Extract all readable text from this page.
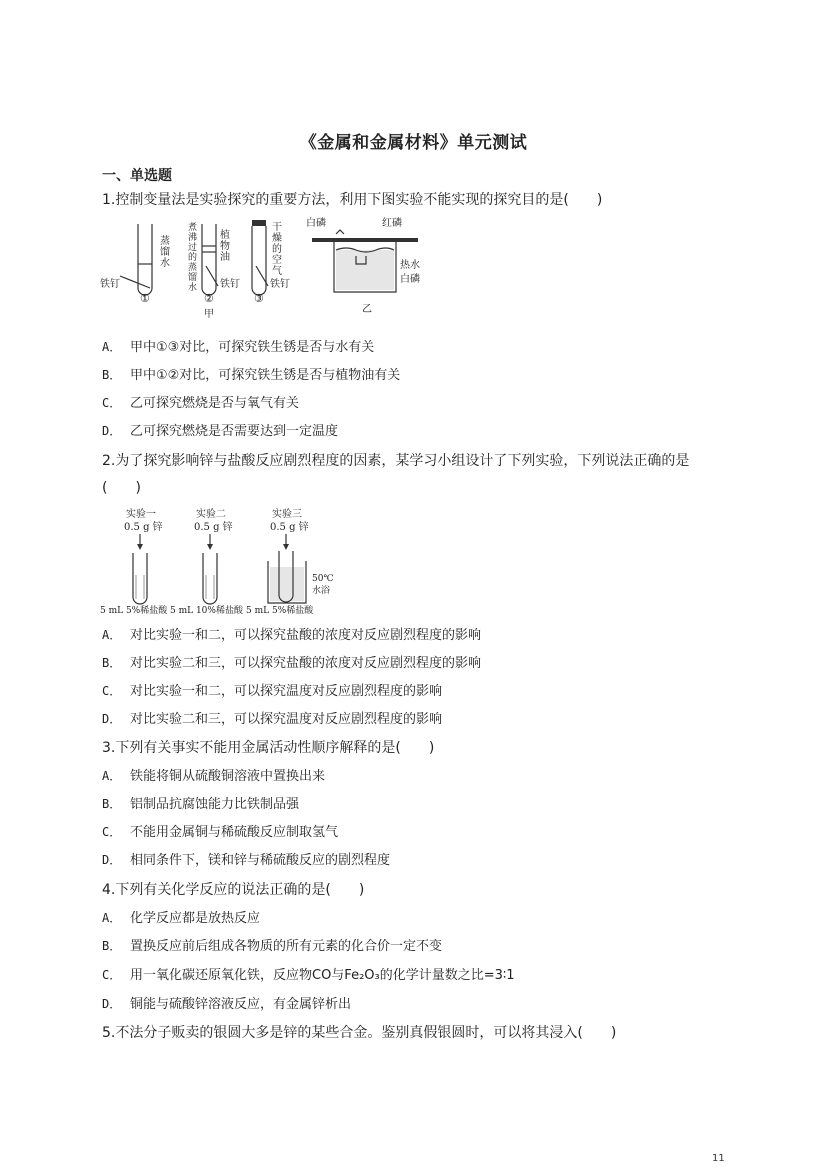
《金属和金属材料》单元测试
一、单选题
1.控制变量法是实验探究的重要方法，利用下图实验不能实现的探究目的是(　　)
铁钉
蒸 馏 水
①
煮 沸 过 的 蒸 馏 水
植 物 油
铁钉
②
甲
干 燥 的 空 气
铁钉
③
白磷	红磷
热水
白磷
乙
A． 甲中①③对比，可探究铁生锈是否与水有关
B． 甲中①②对比，可探究铁生锈是否与植物油有关
C． 乙可探究燃烧是否与氧气有关
D． 乙可探究燃烧是否需要达到一定温度
2.为了探究影响锌与盐酸反应剧烈程度的因素，某学习小组设计了下列实验，下列说法正确的是
(　　)
实验一
0.5 g 锌
5 mL 5%稀盐酸
实验二
0.5 g 锌
5 mL 10%稀盐酸
实验三
0.5 g 锌
50℃
水浴
5 mL 5%稀盐酸
A． 对比实验一和二，可以探究盐酸的浓度对反应剧烈程度的影响
B． 对比实验二和三，可以探究盐酸的浓度对反应剧烈程度的影响
C． 对比实验一和二，可以探究温度对反应剧烈程度的影响
D． 对比实验二和三，可以探究温度对反应剧烈程度的影响
3.下列有关事实不能用金属活动性顺序解释的是(　　)
A． 铁能将铜从硫酸铜溶液中置换出来
B． 铝制品抗腐蚀能力比铁制品强
C． 不能用金属铜与稀硫酸反应制取氢气
D． 相同条件下，镁和锌与稀硫酸反应的剧烈程度
4.下列有关化学反应的说法正确的是(　　)
A． 化学反应都是放热反应
B． 置换反应前后组成各物质的所有元素的化合价一定不变
C． 用一氧化碳还原氧化铁，反应物CO与Fe₂O₃的化学计量数之比=3∶1
D． 铜能与硫酸锌溶液反应，有金属锌析出
5.不法分子贩卖的银圆大多是锌的某些合金。鉴别真假银圆时，可以将其浸入(　　)
11
